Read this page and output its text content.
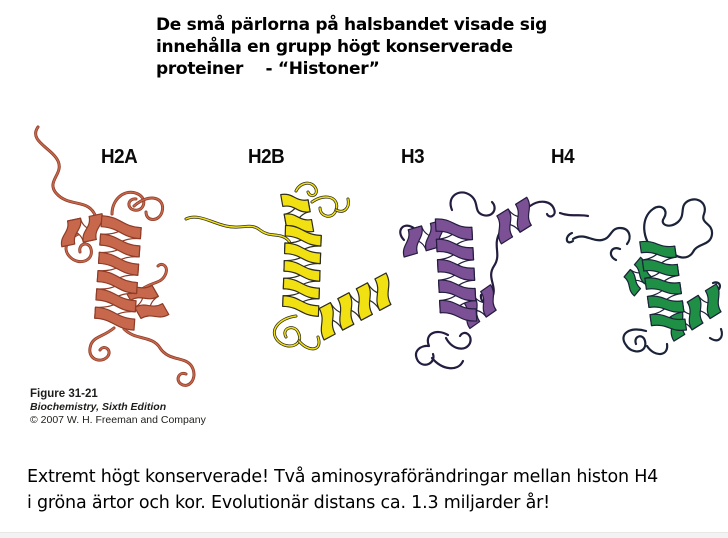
De små pärlorna på halsbandet visade sig
innehålla en grupp högt konserverade
proteiner    - “Histoner”
H2A	H2B	H3	H4
Figure 31-21
Biochemistry, Sixth Edition
© 2007 W. H. Freeman and Company
Extremt högt konserverade! Två aminosyraförändringar mellan histon H4
i gröna ärtor och kor. Evolutionär distans ca. 1.3 miljarder år!
